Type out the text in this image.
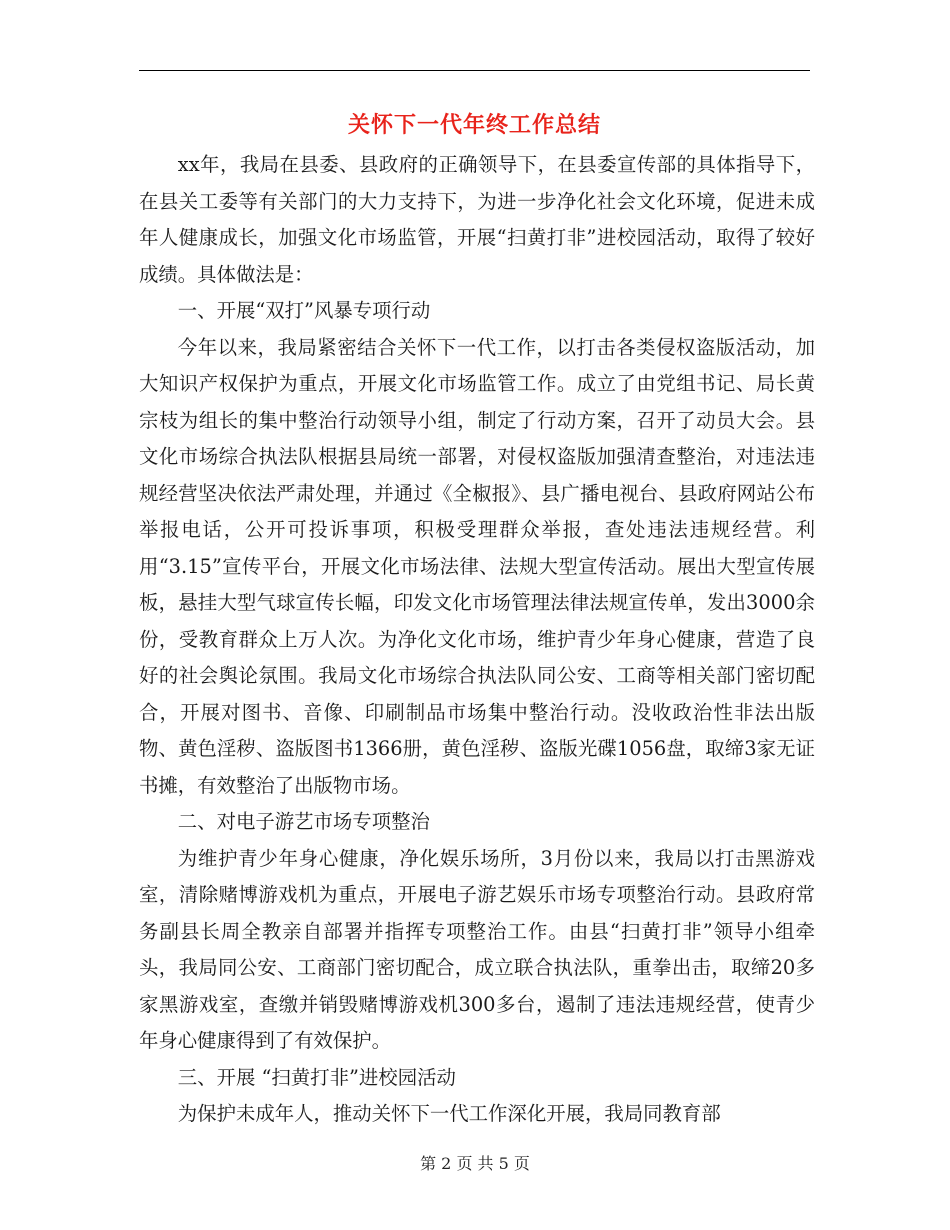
关怀下一代年终工作总结

xx年，我局在县委、县政府的正确领导下，在县委宣传部的具体指导下，在县关工委等有关部门的大力支持下，为进一步净化社会文化环境，促进未成年人健康成长，加强文化市场监管，开展“扫黄打非”进校园活动，取得了较好成绩。具体做法是：

一、开展“双打”风暴专项行动

今年以来，我局紧密结合关怀下一代工作，以打击各类侵权盗版活动，加大知识产权保护为重点，开展文化市场监管工作。成立了由党组书记、局长黄宗枝为组长的集中整治行动领导小组，制定了行动方案，召开了动员大会。县文化市场综合执法队根据县局统一部署，对侵权盗版加强清查整治，对违法违规经营坚决依法严肃处理，并通过《全椒报》、县广播电视台、县政府网站公布举报电话，公开可投诉事项，积极受理群众举报，查处违法违规经营。利用“3.15”宣传平台，开展文化市场法律、法规大型宣传活动。展出大型宣传展板，悬挂大型气球宣传长幅，印发文化市场管理法律法规宣传单，发出3000余份，受教育群众上万人次。为净化文化市场，维护青少年身心健康，营造了良好的社会舆论氛围。我局文化市场综合执法队同公安、工商等相关部门密切配合，开展对图书、音像、印刷制品市场集中整治行动。没收政治性非法出版物、黄色淫秽、盗版图书1366册，黄色淫秽、盗版光碟1056盘，取缔3家无证书摊，有效整治了出版物市场。

二、对电子游艺市场专项整治

为维护青少年身心健康，净化娱乐场所，3月份以来，我局以打击黑游戏室，清除赌博游戏机为重点，开展电子游艺娱乐市场专项整治行动。县政府常务副县长周全教亲自部署并指挥专项整治工作。由县“扫黄打非”领导小组牵头，我局同公安、工商部门密切配合，成立联合执法队，重拳出击，取缔20多家黑游戏室，查缴并销毁赌博游戏机300多台，遏制了违法违规经营，使青少年身心健康得到了有效保护。

三、开展 “扫黄打非”进校园活动

为保护未成年人，推动关怀下一代工作深化开展，我局同教育部

第 2 页 共 5 页
